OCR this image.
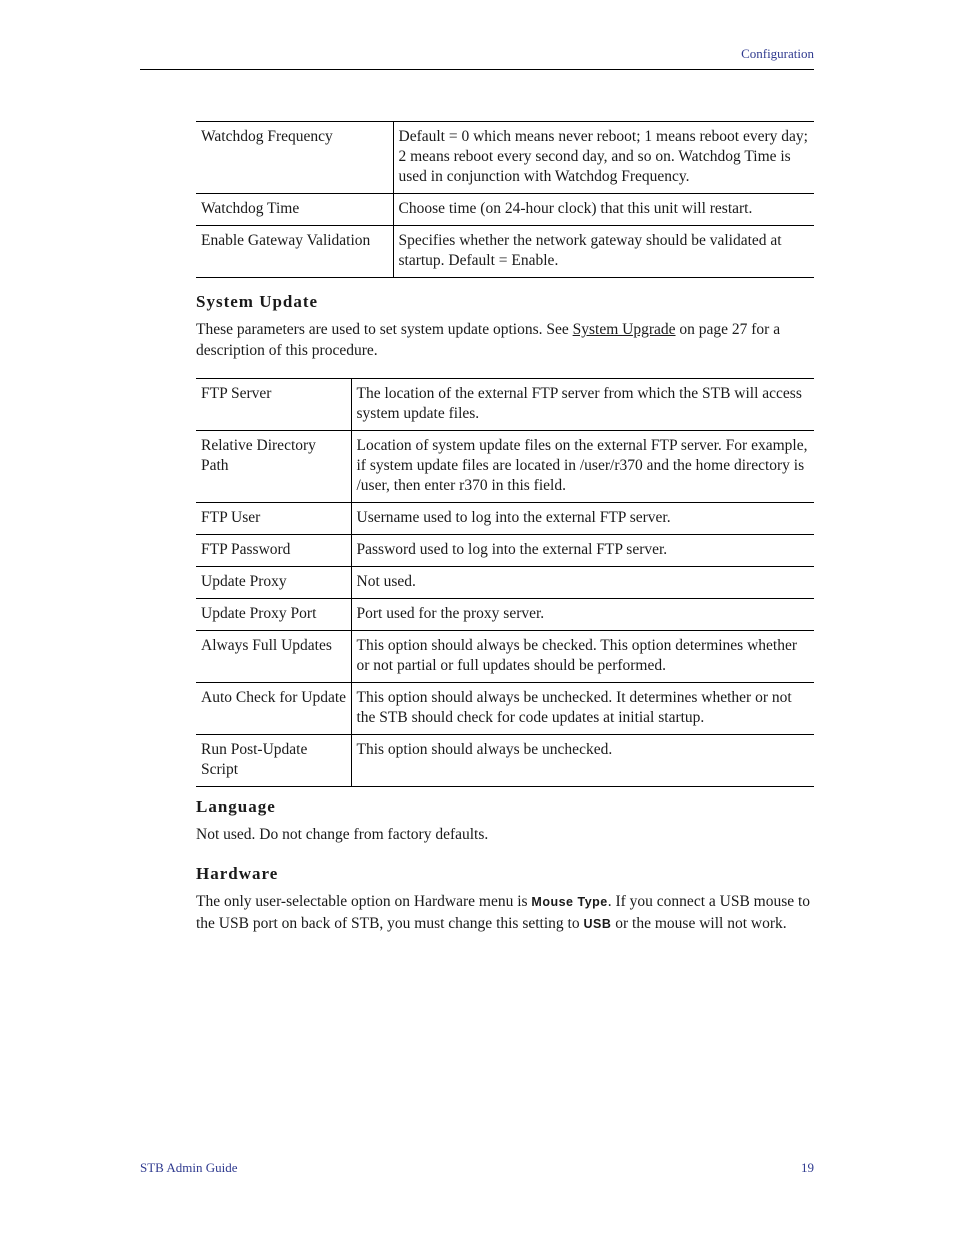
Configuration
Watchdog Frequency	Default = 0 which means never reboot; 1 means reboot every day; 2 means reboot every second day, and so on. Watchdog Time is used in conjunction with Watchdog Frequency.
Watchdog Time	Choose time (on 24-hour clock) that this unit will restart.
Enable Gateway Validation	Specifies whether the network gateway should be validated at startup. Default = Enable.
System Update

These parameters are used to set system update options. See System Upgrade on page 27 for a description of this procedure.

FTP Server	The location of the external FTP server from which the STB will access system update files.
Relative Directory Path	Location of system update files on the external FTP server. For example, if system update files are located in /user/r370 and the home directory is /user, then enter r370 in this field.
FTP User	Username used to log into the external FTP server.
FTP Password	Password used to log into the external FTP server.
Update Proxy	Not used.
Update Proxy Port	Port used for the proxy server.
Always Full Updates	This option should always be checked. This option determines whether or not partial or full updates should be performed.
Auto Check for Update	This option should always be unchecked. It determines whether or not the STB should check for code updates at initial startup.
Run Post-Update Script	This option should always be unchecked.
Language

Not used. Do not change from factory defaults.

Hardware

The only user-selectable option on Hardware menu is Mouse Type. If you connect a USB mouse to the USB port on back of STB, you must change this setting to USB or the mouse will not work.

STB Admin Guide	19
